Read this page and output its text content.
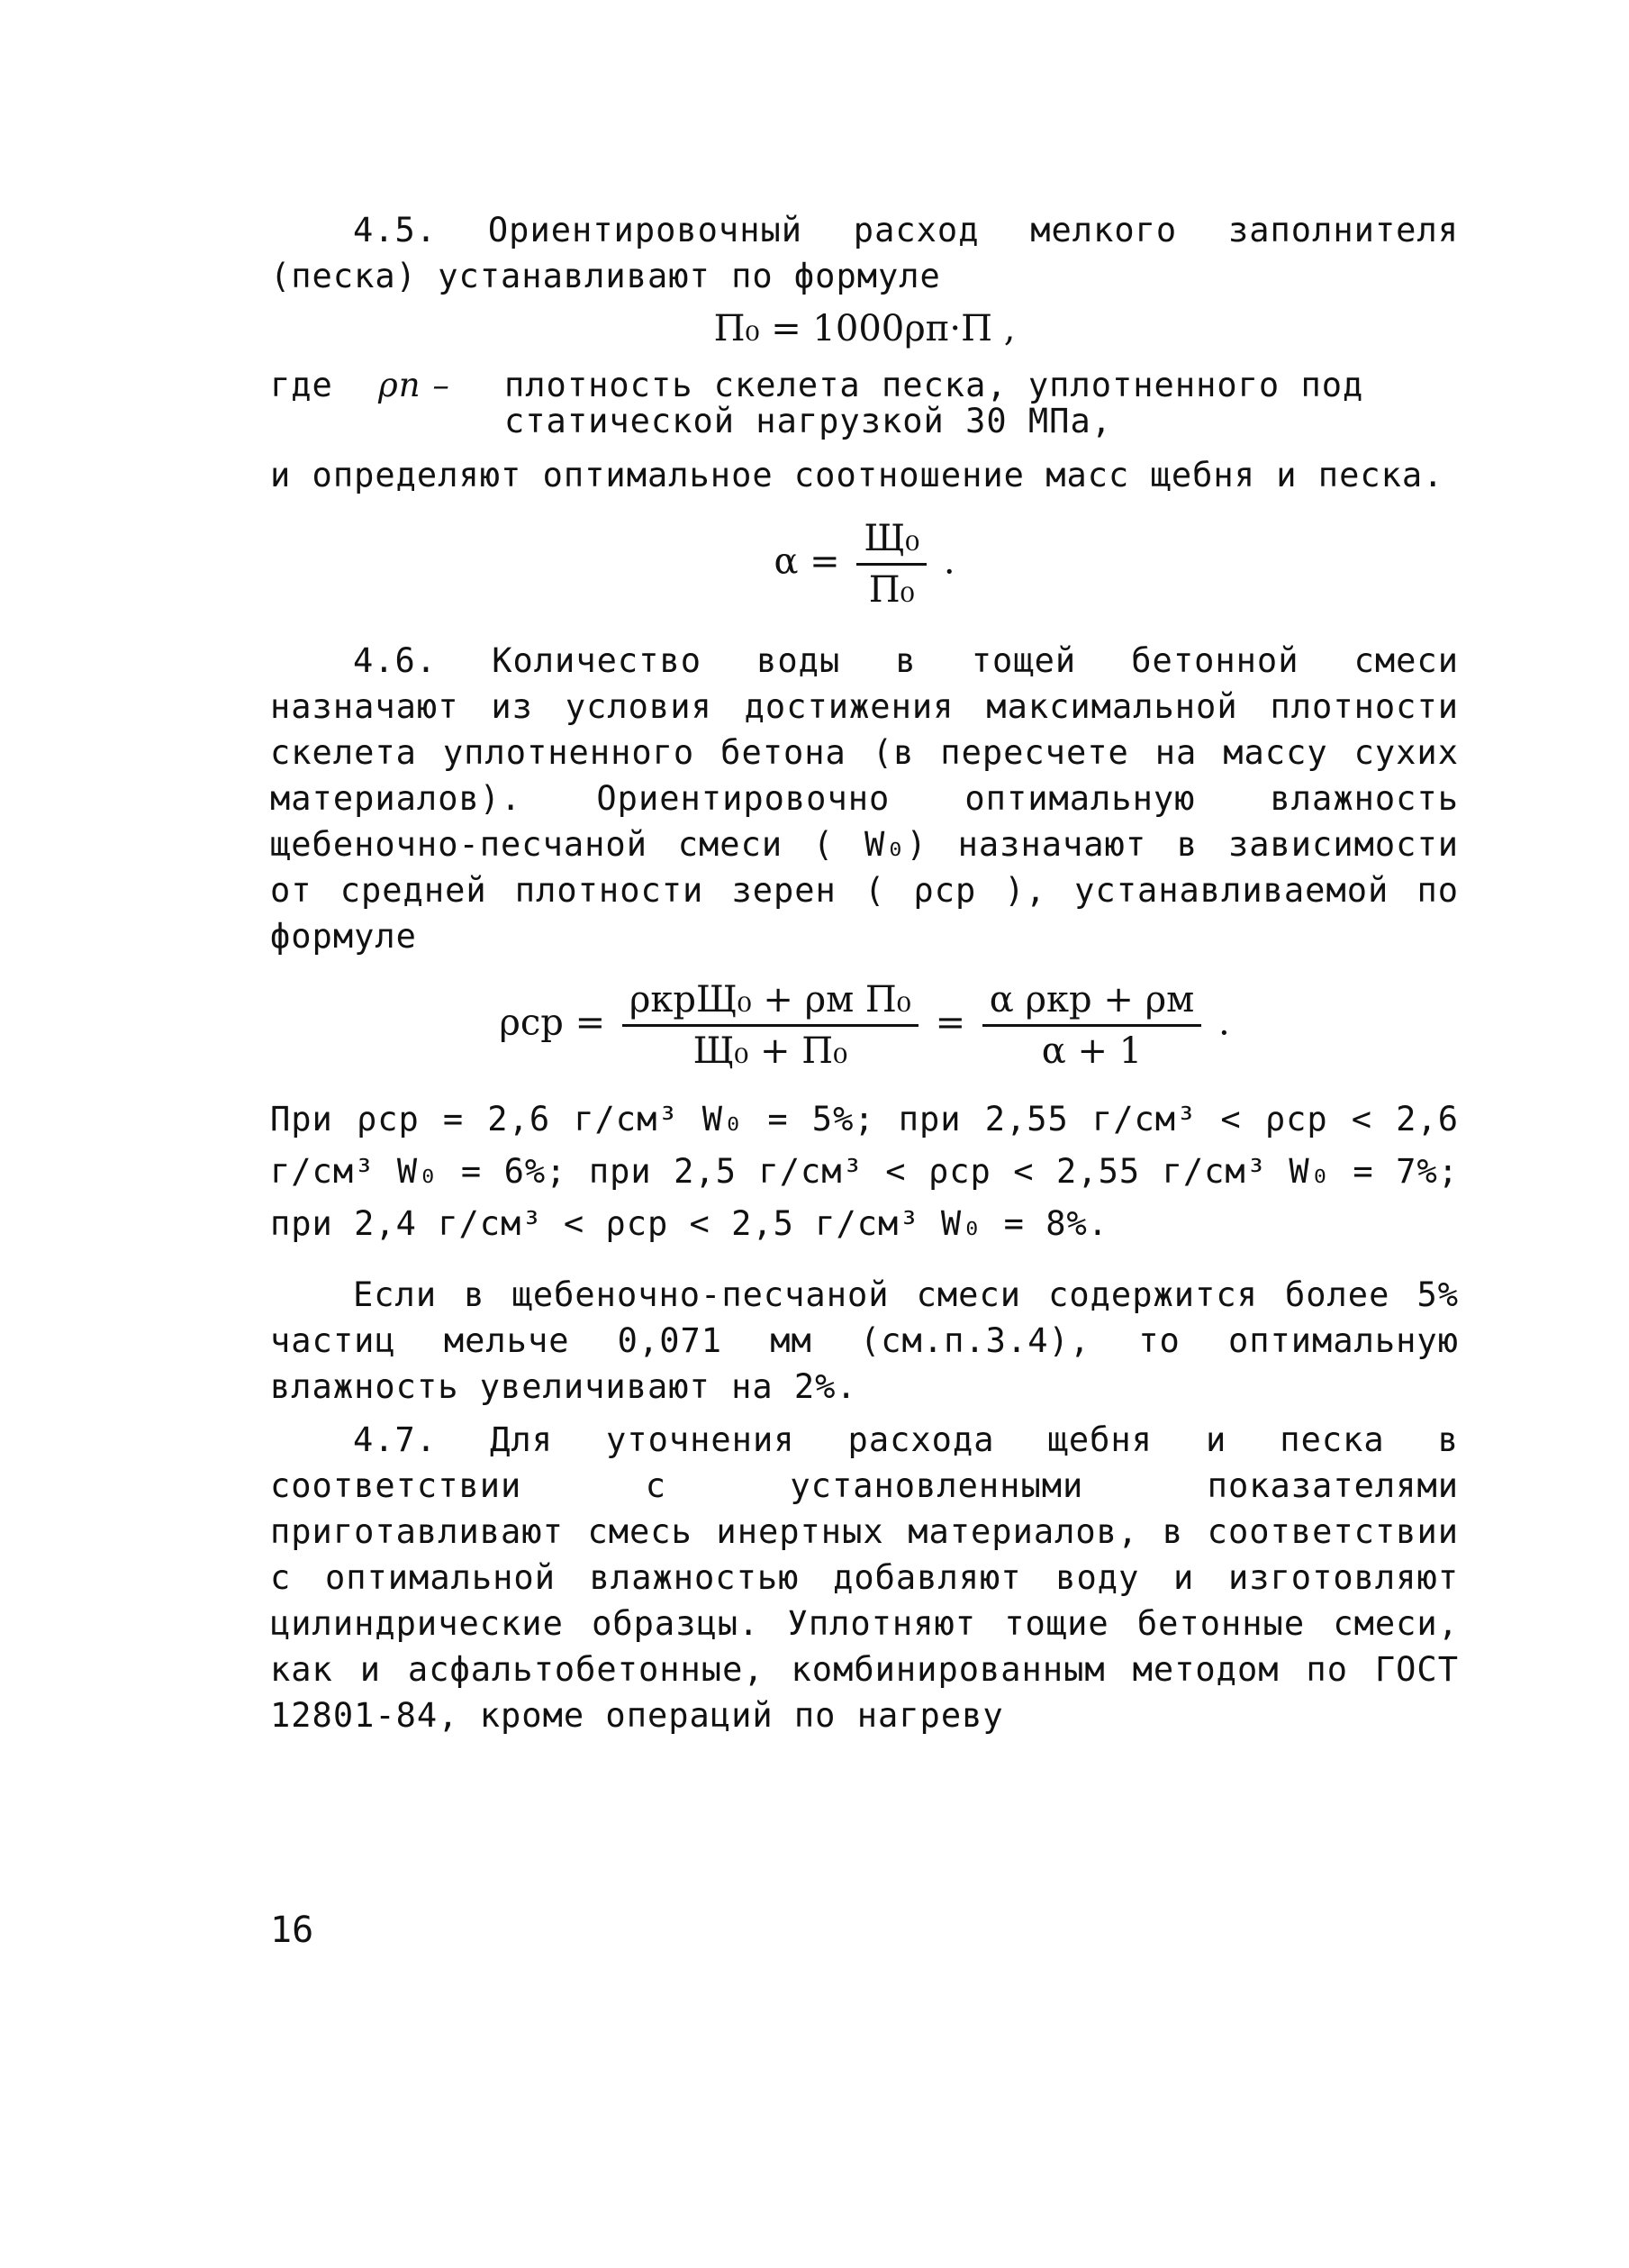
4.5. Ориентировочный расход мелкого заполнителя (песка) устанавливают по формуле

П₀ = 1000ρп·П ,

где	ρп –	плотность скелета песка, уплотненного под статической нагрузкой 30 МПа,

и определяют оптимальное соотношение масс щебня и песка.

$\alpha = \frac{\text{Щ₀}}{\text{П₀}}$ .

4.6. Количество воды в тощей бетонной смеси назначают из условия достижения максимальной плотности скелета уплотненного бетона (в пересчете на массу сухих материалов). Ориентировочно оптимальную влажность щебеночно-песчаной смеси ( W₀) назначают в зависимости от средней плотности зерен ( ρср ), устанавливаемой по формуле

$\rho ср = \frac{\text{ρкрЩ₀ + ρм П₀}}{\text{Щ₀ + П₀}} = \frac{\text{α ρкр + ρм}}{\alpha + 1}$ .

При ρср = 2,6 г/см³ W₀ = 5%; при 2,55 г/см³ < ρср < 2,6 г/см³ W₀ = 6%; при 2,5 г/см³ < ρср < 2,55 г/см³ W₀ = 7%; при 2,4 г/см³ < ρср < 2,5 г/см³ W₀ = 8%.

Если в щебеночно-песчаной смеси содержится более 5% частиц мельче 0,071 мм (см.п.3.4), то оптимальную влажность увеличивают на 2%.

4.7. Для уточнения расхода щебня и песка в соответствии с установленными показателями приготавливают смесь инертных материалов, в соответствии с оптимальной влажностью добавляют воду и изготовляют цилиндрические образцы. Уплотняют тощие бетонные смеси, как и асфальтобетонные, комбинированным методом по ГОСТ 12801-84, кроме операций по нагреву

16
